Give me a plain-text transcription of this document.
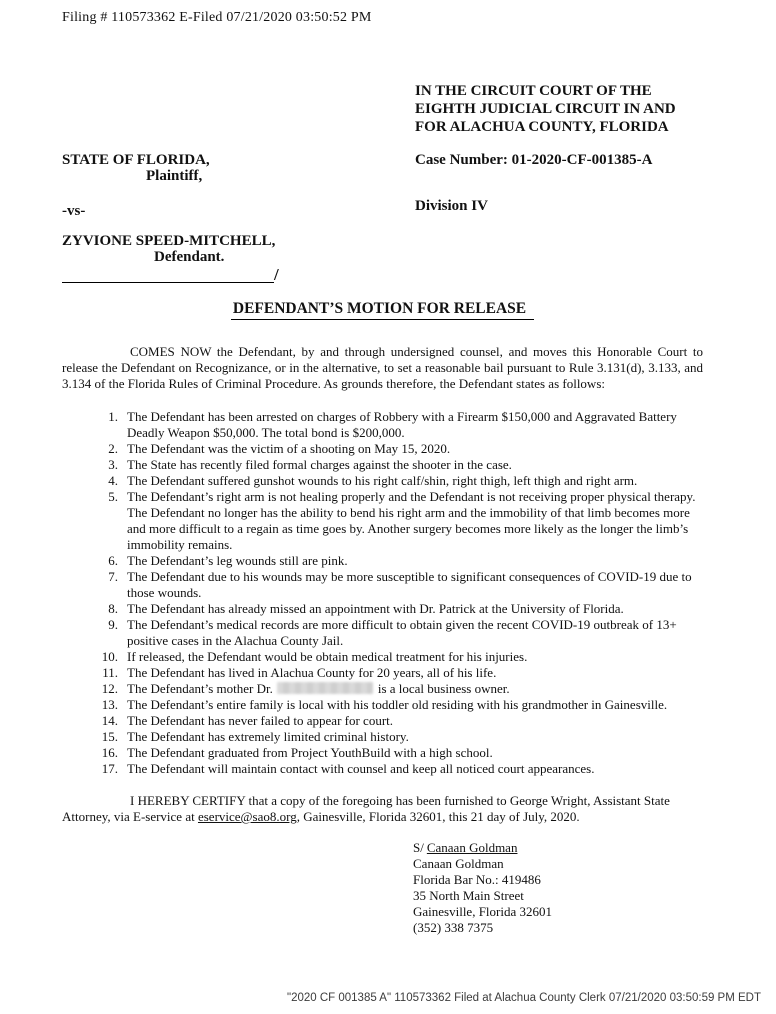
Filing # 110573362 E-Filed 07/21/2020 03:50:52 PM
STATE OF FLORIDA,
Plaintiff,
-vs-
ZYVIONE SPEED-MITCHELL,
Defendant.
/
IN THE CIRCUIT COURT OF THE
EIGHTH JUDICIAL CIRCUIT IN AND
FOR ALACHUA COUNTY, FLORIDA
Case Number: 01-2020-CF-001385-A
Division IV
DEFENDANT’S MOTION FOR RELEASE

COMES NOW the Defendant, by and through undersigned counsel, and moves this Honorable Court to release the Defendant on Recognizance, or in the alternative, to set a reasonable bail pursuant to Rule 3.131(d), 3.133, and 3.134 of the Florida Rules of Criminal Procedure. As grounds therefore, the Defendant states as follows:

The Defendant has been arrested on charges of Robbery with a Firearm $150,000 and Aggravated Battery Deadly Weapon $50,000. The total bond is $200,000.
The Defendant was the victim of a shooting on May 15, 2020.
The State has recently filed formal charges against the shooter in the case.
The Defendant suffered gunshot wounds to his right calf/shin, right thigh, left thigh and right arm.
The Defendant’s right arm is not healing properly and the Defendant is not receiving proper physical therapy. The Defendant no longer has the ability to bend his right arm and the immobility of that limb becomes more and more difficult to a regain as time goes by. Another surgery becomes more likely as the longer the limb’s immobility remains.
The Defendant’s leg wounds still are pink.
The Defendant due to his wounds may be more susceptible to significant consequences of COVID-19 due to those wounds.
The Defendant has already missed an appointment with Dr. Patrick at the University of Florida.
The Defendant’s medical records are more difficult to obtain given the recent COVID-19 outbreak of 13+ positive cases in the Alachua County Jail.
If released, the Defendant would be obtain medical treatment for his injuries.
The Defendant has lived in Alachua County for 20 years, all of his life.
The Defendant’s mother Dr.	is a local business owner.
The Defendant’s entire family is local with his toddler old residing with his grandmother in Gainesville.
The Defendant has never failed to appear for court.
The Defendant has extremely limited criminal history.
The Defendant graduated from Project YouthBuild with a high school.
The Defendant will maintain contact with counsel and keep all noticed court appearances.

I HEREBY CERTIFY that a copy of the foregoing has been furnished to George Wright, Assistant State Attorney, via E-service at eservice@sao8.org, Gainesville, Florida 32601, this 21 day of July, 2020.

S/ Canaan Goldman
Canaan Goldman
Florida Bar No.: 419486
35 North Main Street
Gainesville, Florida 32601
(352) 338 7375
"2020 CF 001385 A" 110573362 Filed at Alachua County Clerk 07/21/2020 03:50:59 PM EDT
